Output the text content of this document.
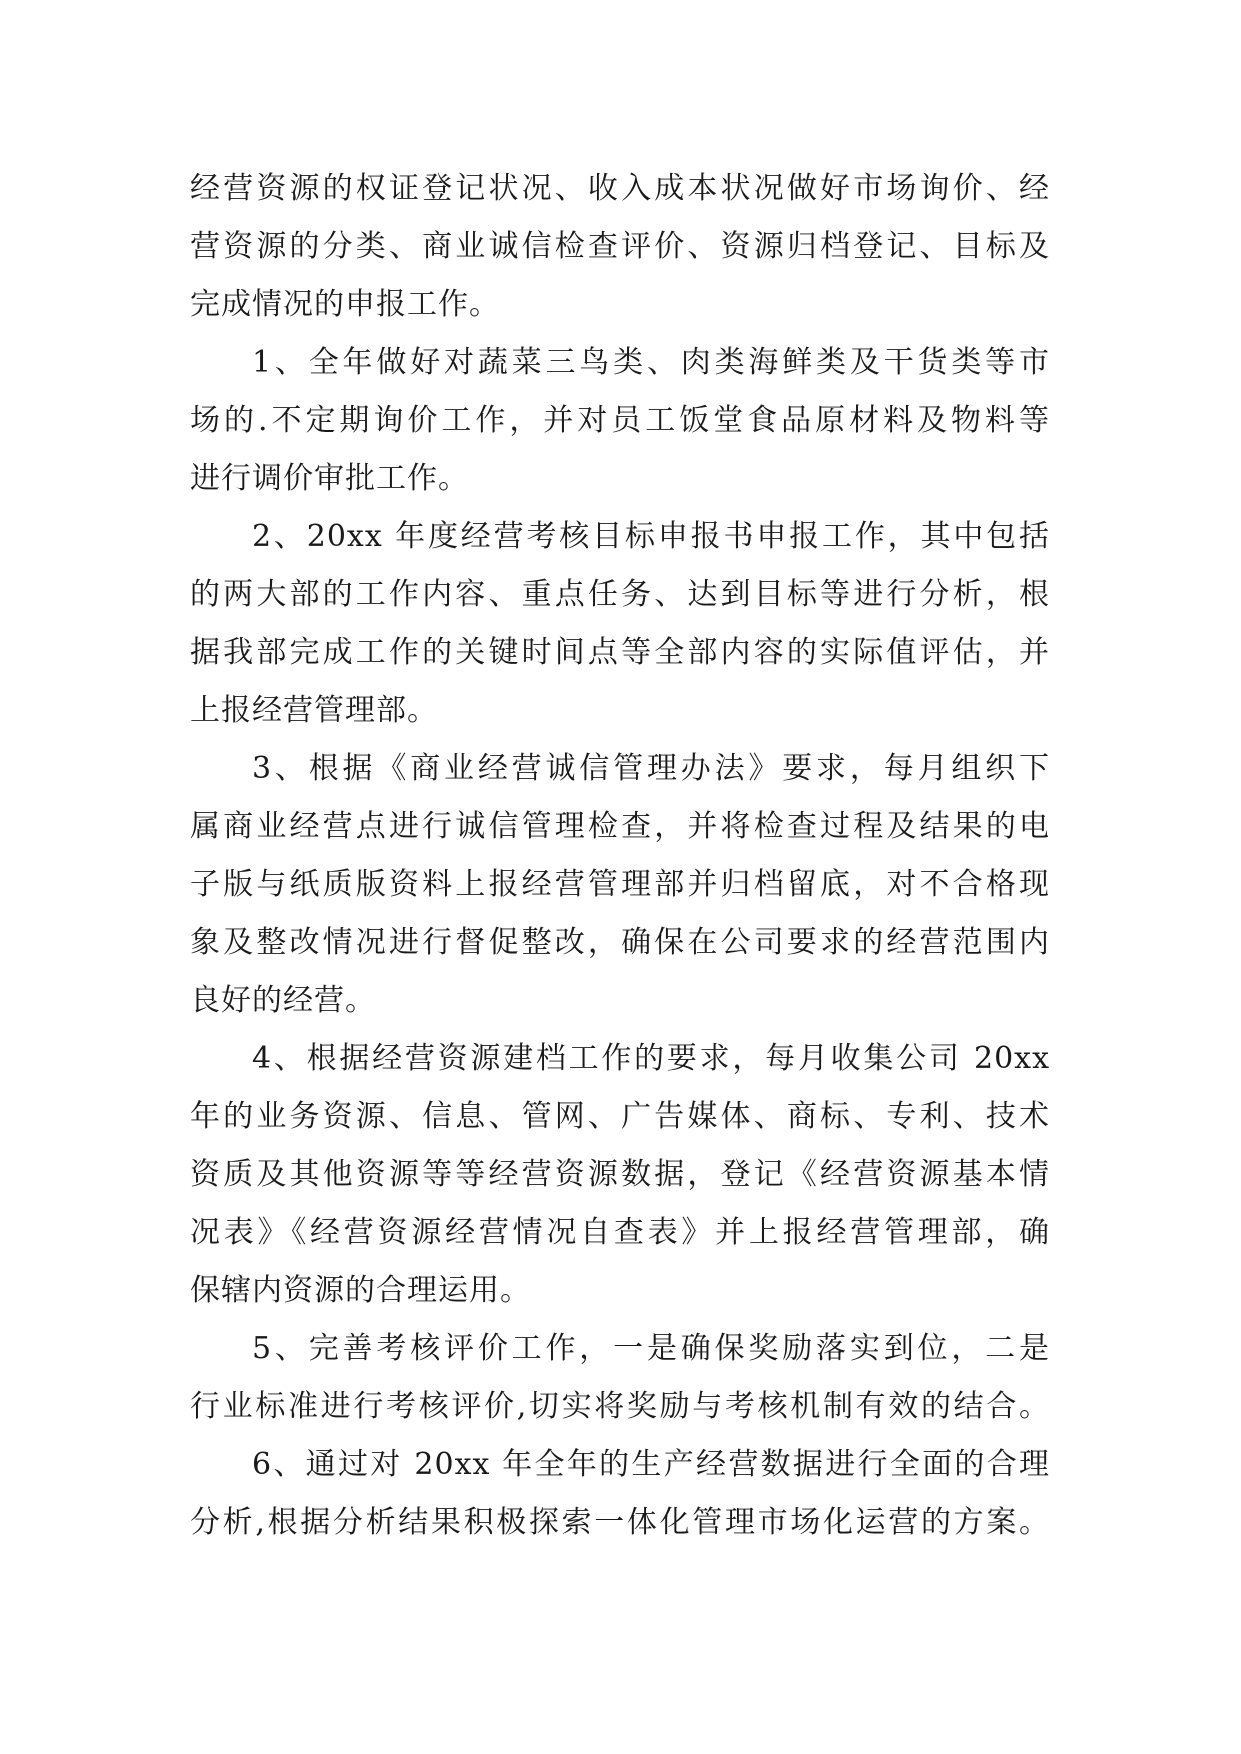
经营资源的权证登记状况、收入成本状况做好市场询价、经
营资源的分类、商业诚信检查评价、资源归档登记、目标及
完成情况的申报工作。
1、全年做好对蔬菜三鸟类、肉类海鲜类及干货类等市
场的.不定期询价工作，并对员工饭堂食品原材料及物料等
进行调价审批工作。
2、20xx 年度经营考核目标申报书申报工作，其中包括
的两大部的工作内容、重点任务、达到目标等进行分析，根
据我部完成工作的关键时间点等全部内容的实际值评估，并
上报经营管理部。
3、根据《商业经营诚信管理办法》要求，每月组织下
属商业经营点进行诚信管理检查，并将检查过程及结果的电
子版与纸质版资料上报经营管理部并归档留底，对不合格现
象及整改情况进行督促整改，确保在公司要求的经营范围内
良好的经营。
4、根据经营资源建档工作的要求，每月收集公司 20xx
年的业务资源、信息、管网、广告媒体、商标、专利、技术
资质及其他资源等等经营资源数据，登记《经营资源基本情
况表》《经营资源经营情况自查表》并上报经营管理部，确
保辖内资源的合理运用。
5、完善考核评价工作，一是确保奖励落实到位，二是
行业标准进行考核评价,切实将奖励与考核机制有效的结合。
6、通过对 20xx 年全年的生产经营数据进行全面的合理
分析,根据分析结果积极探索一体化管理市场化运营的方案。
